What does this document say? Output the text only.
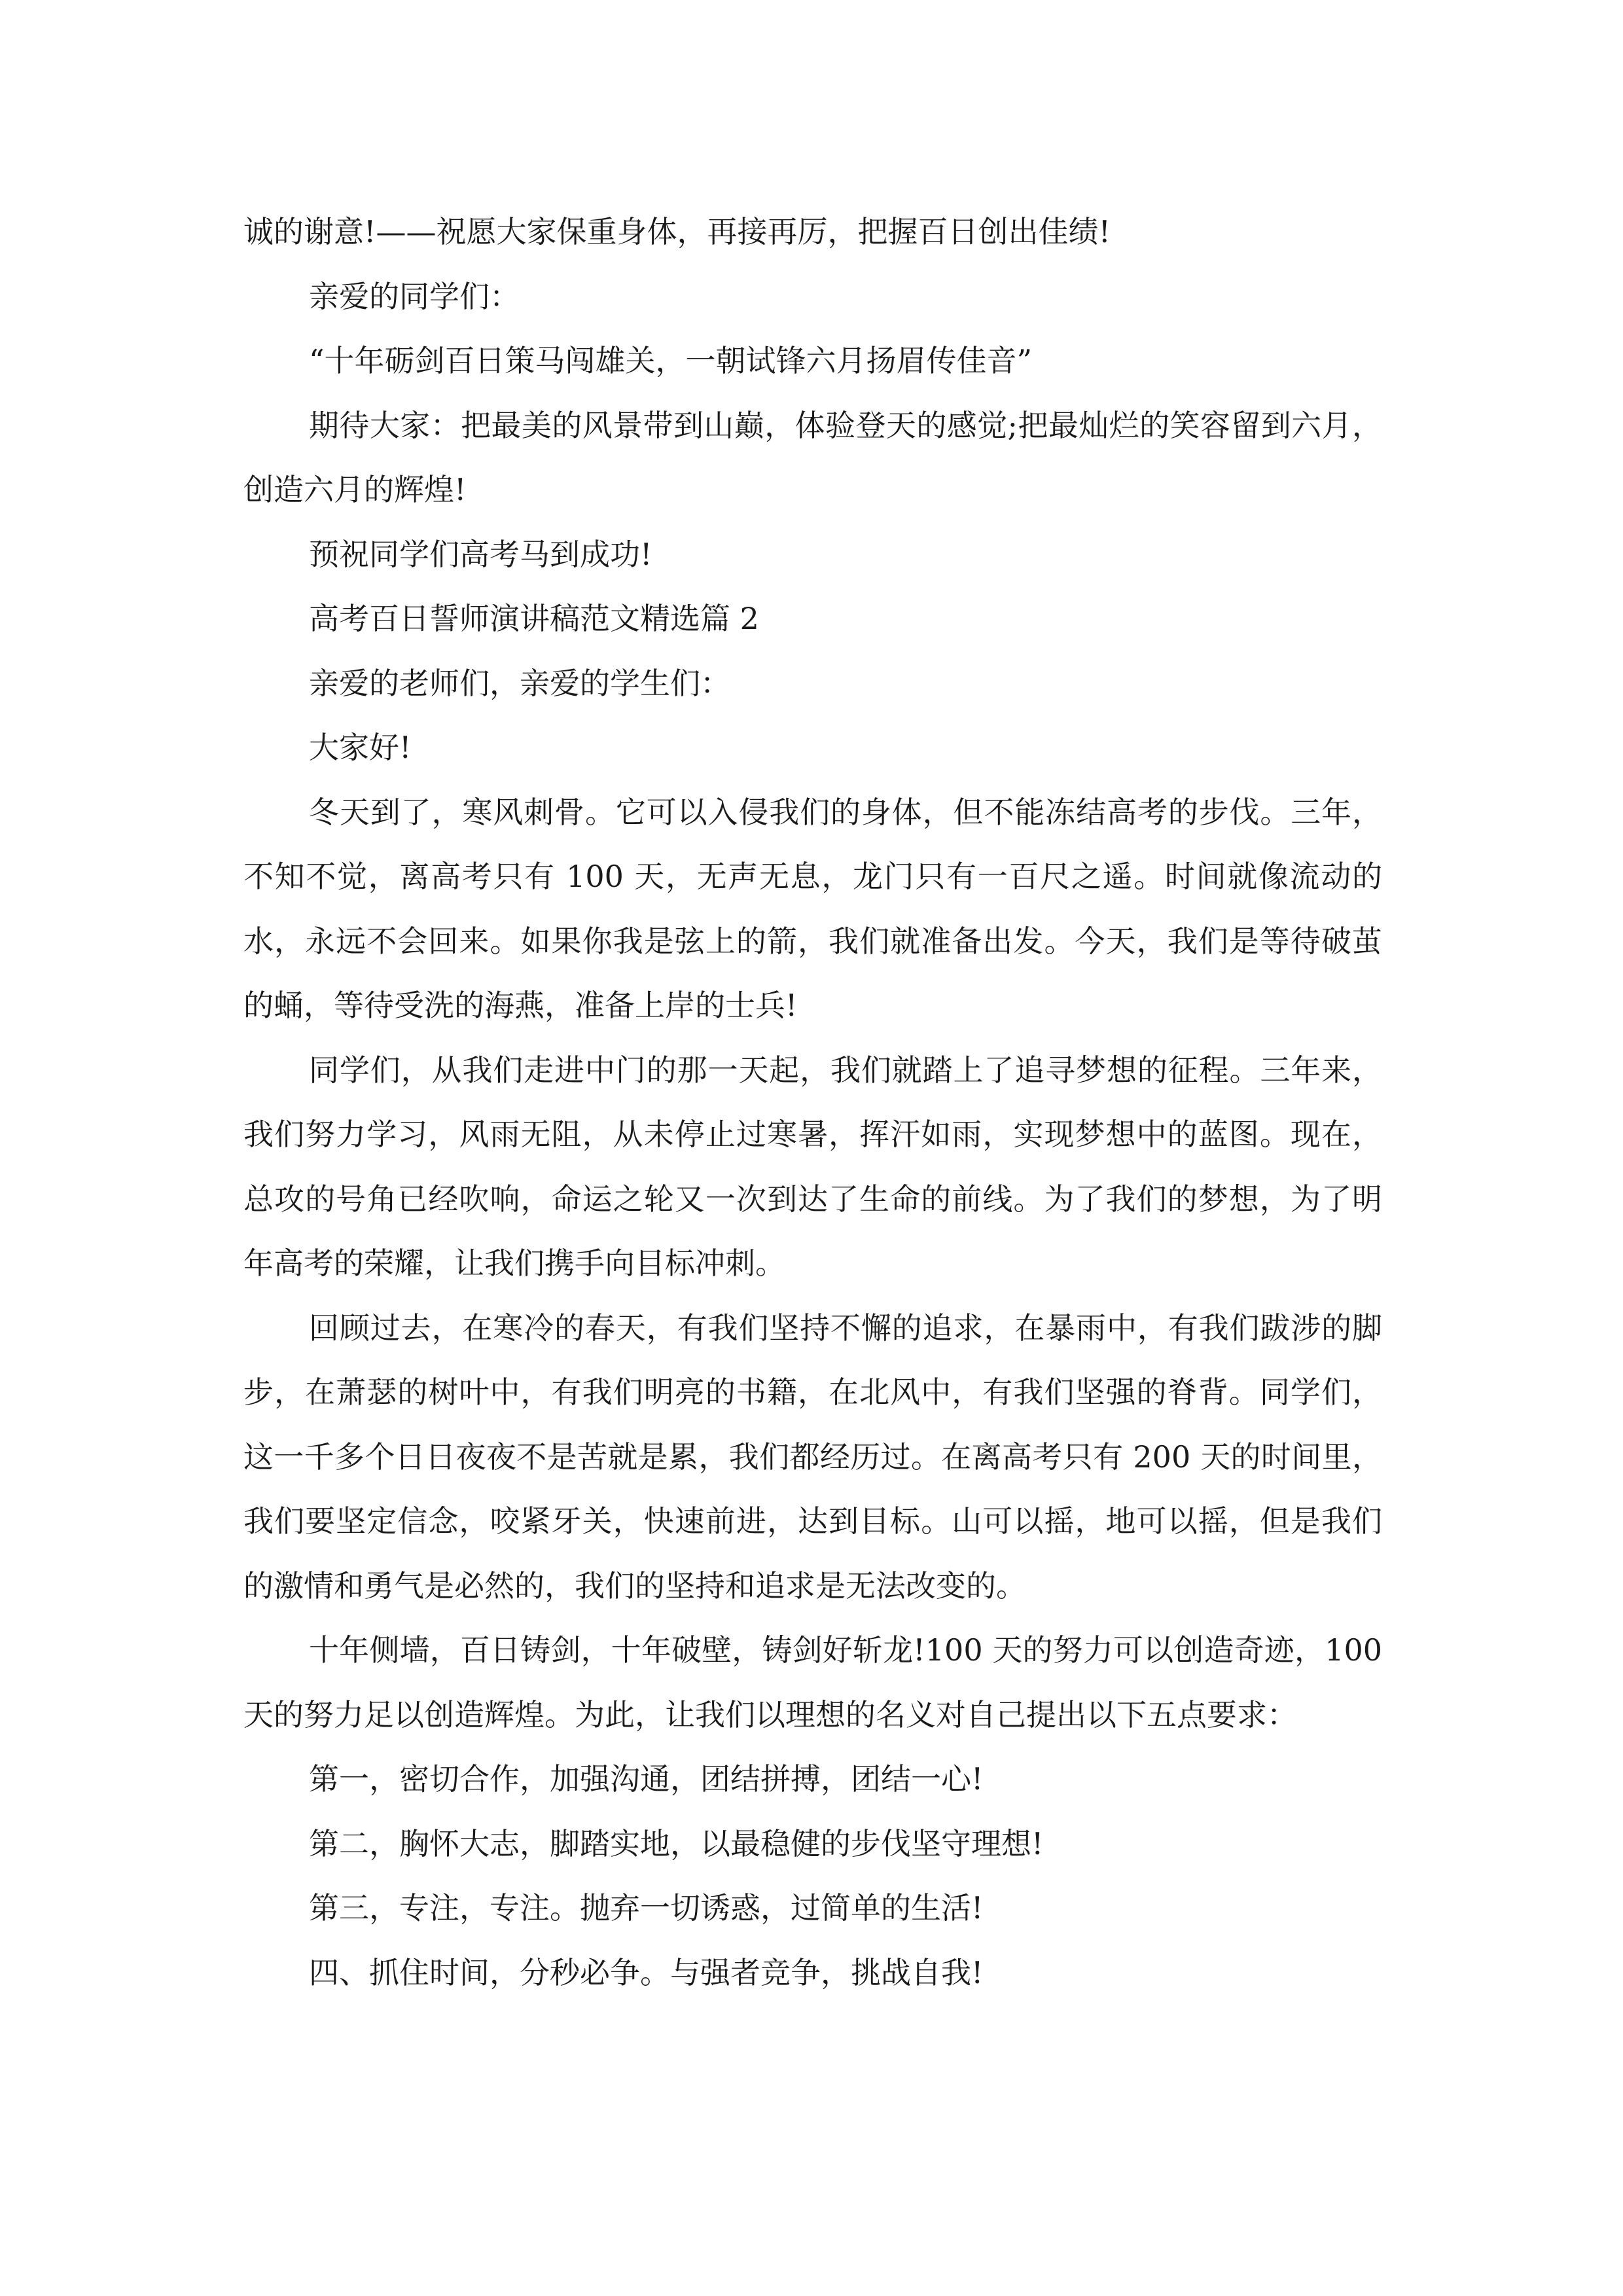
诚的谢意!——祝愿大家保重身体，再接再厉，把握百日创出佳绩!

亲爱的同学们：

“十年砺剑百日策马闯雄关，一朝试锋六月扬眉传佳音”

期待大家：把最美的风景带到山巅，体验登天的感觉;把最灿烂的笑容留到六月，创造六月的辉煌!

预祝同学们高考马到成功!

高考百日誓师演讲稿范文精选篇 2

亲爱的老师们，亲爱的学生们：

大家好!

冬天到了，寒风刺骨。它可以入侵我们的身体，但不能冻结高考的步伐。三年，不知不觉，离高考只有 100 天，无声无息，龙门只有一百尺之遥。时间就像流动的水，永远不会回来。如果你我是弦上的箭，我们就准备出发。今天，我们是等待破茧的蛹，等待受洗的海燕，准备上岸的士兵!

同学们，从我们走进中门的那一天起，我们就踏上了追寻梦想的征程。三年来，我们努力学习，风雨无阻，从未停止过寒暑，挥汗如雨，实现梦想中的蓝图。现在，总攻的号角已经吹响，命运之轮又一次到达了生命的前线。为了我们的梦想，为了明年高考的荣耀，让我们携手向目标冲刺。

回顾过去，在寒冷的春天，有我们坚持不懈的追求，在暴雨中，有我们跋涉的脚步，在萧瑟的树叶中，有我们明亮的书籍，在北风中，有我们坚强的脊背。同学们，这一千多个日日夜夜不是苦就是累，我们都经历过。在离高考只有 200 天的时间里，我们要坚定信念，咬紧牙关，快速前进，达到目标。山可以摇，地可以摇，但是我们的激情和勇气是必然的，我们的坚持和追求是无法改变的。

十年侧墙，百日铸剑，十年破壁，铸剑好斩龙!100 天的努力可以创造奇迹，100 天的努力足以创造辉煌。为此，让我们以理想的名义对自己提出以下五点要求：

第一，密切合作，加强沟通，团结拼搏，团结一心!

第二，胸怀大志，脚踏实地，以最稳健的步伐坚守理想!

第三，专注，专注。抛弃一切诱惑，过简单的生活!

四、抓住时间，分秒必争。与强者竞争，挑战自我!
